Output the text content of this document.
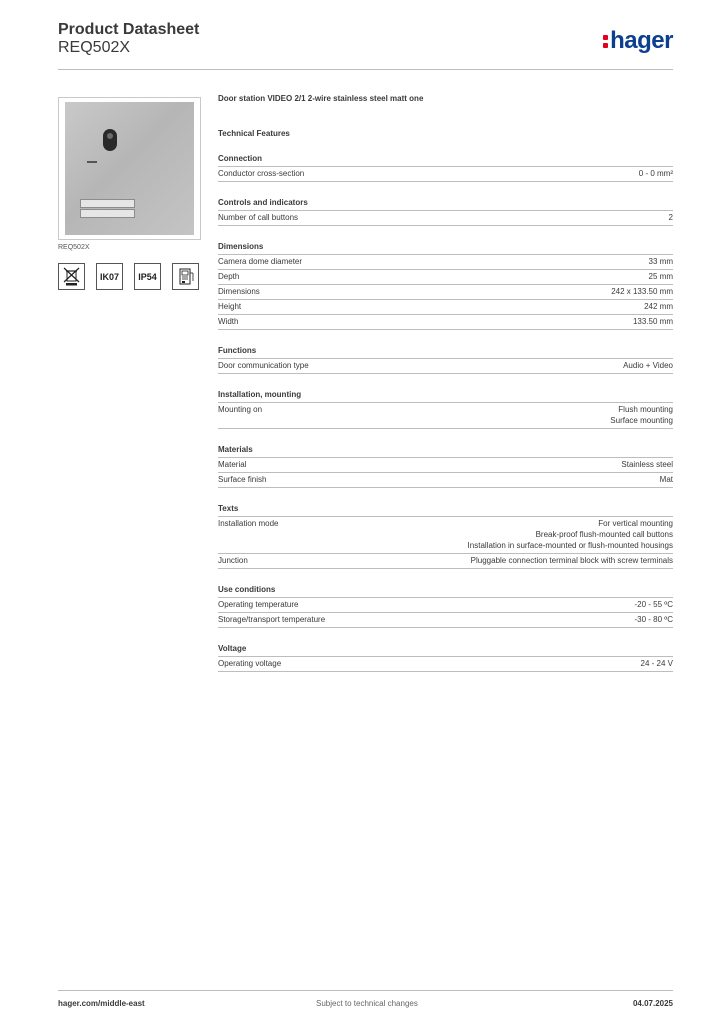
Product Datasheet
REQ502X	hager
REQ502X
IK07	IP54
Door station VIDEO 2/1 2-wire stainless steel matt one
Technical Features
Connection
Conductor cross-section	0 - 0 mm²
Controls and indicators
Number of call buttons	2
Dimensions
Camera dome diameter	33 mm
Depth	25 mm
Dimensions	242 x 133.50 mm
Height	242 mm
Width	133.50 mm
Functions
Door communication type	Audio + Video
Installation, mounting
Mounting on	Flush mounting
Surface mounting
Materials
Material	Stainless steel
Surface finish	Mat
Texts
Installation mode	For vertical mounting
Break-proof flush-mounted call buttons
Installation in surface-mounted or flush-mounted housings
Junction	Pluggable connection terminal block with screw terminals
Use conditions
Operating temperature	-20 - 55 ºC
Storage/transport temperature	-30 - 80 ºC
Voltage
Operating voltage	24 - 24 V
hager.com/middle-east	Subject to technical changes	04.07.2025
